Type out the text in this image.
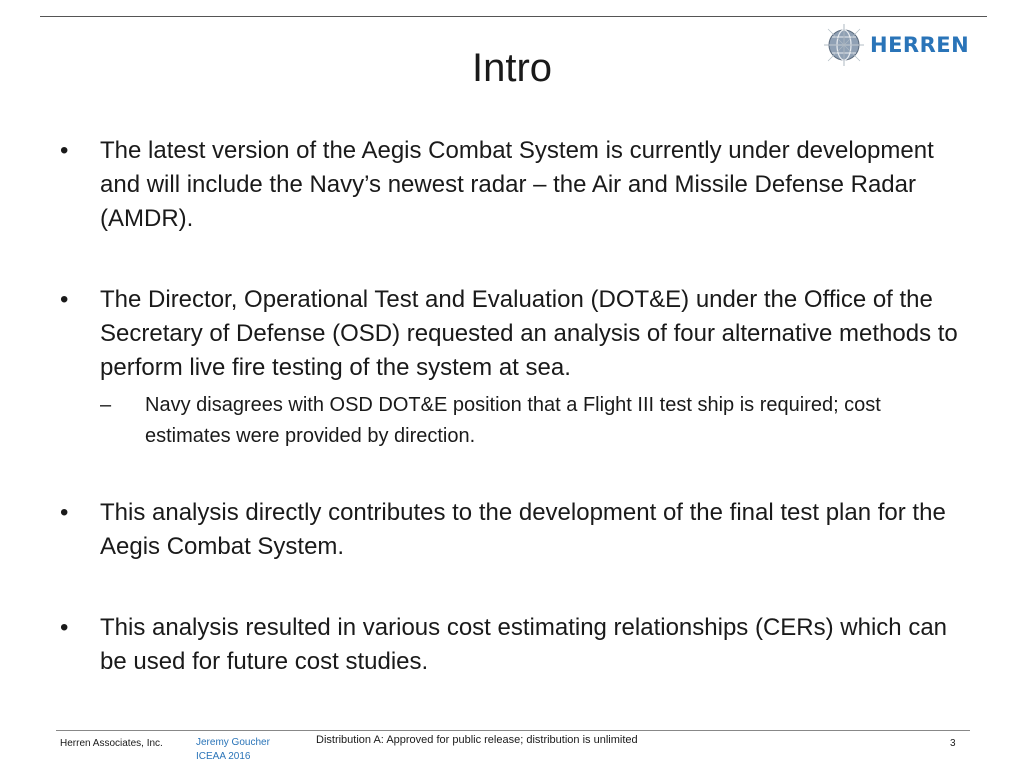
Intro
HERREN
•	The latest version of the Aegis Combat System is currently under development and will include the Navy’s newest radar – the Air and Missile Defense Radar (AMDR).
•	The Director, Operational Test and Evaluation (DOT&E) under the Office of the Secretary of Defense (OSD) requested an analysis of four alternative methods to perform live fire testing of the system at sea.
– Navy disagrees with OSD DOT&E position that a Flight III test ship is required; cost estimates were provided by direction.
•	This analysis directly contributes to the development of the final test plan for the Aegis Combat System.
•	This analysis resulted in various cost estimating relationships (CERs) which can be used for future cost studies.
Herren Associates, Inc.	Jeremy Goucher
ICEAA 2016
Distribution A: Approved for public release; distribution is unlimited	3
